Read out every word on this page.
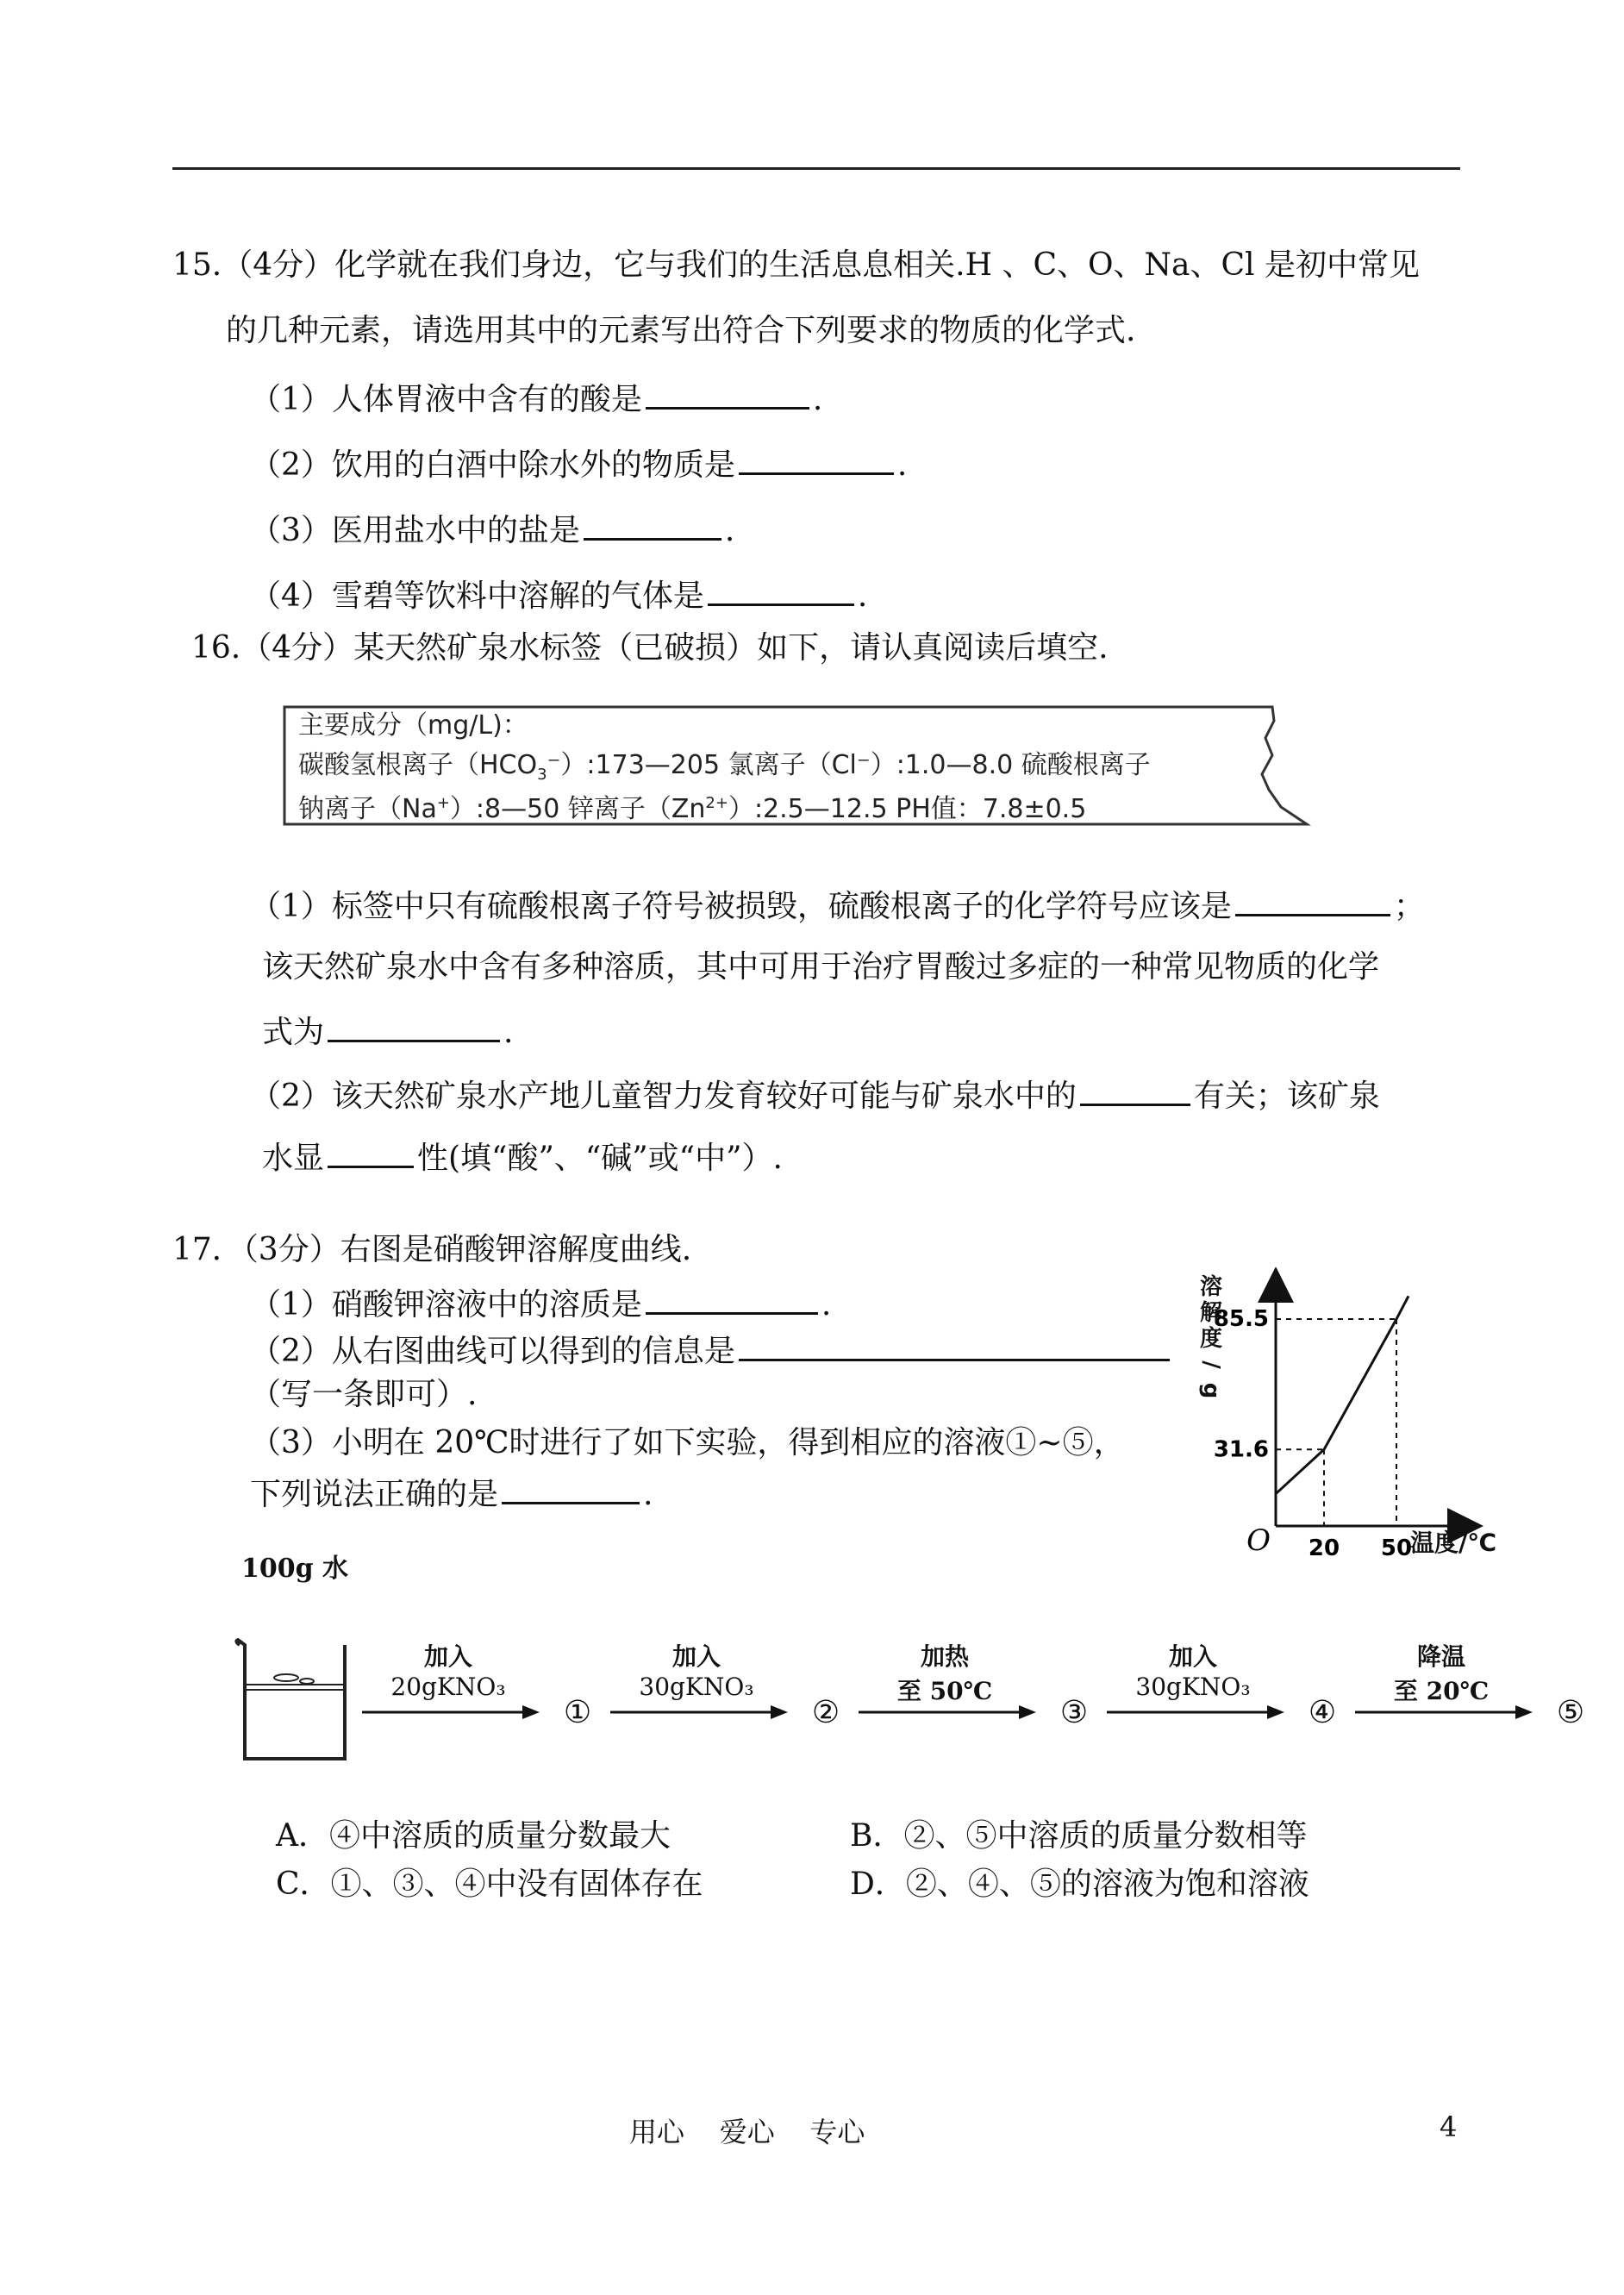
15.（4分）化学就在我们身边，它与我们的生活息息相关.H 、C、O、Na、Cl 是初中常见
的几种元素，请选用其中的元素写出符合下列要求的物质的化学式.
（1）人体胃液中含有的酸是	.
（2）饮用的白酒中除水外的物质是	.
（3）医用盐水中的盐是	.
（4）雪碧等饮料中溶解的气体是	.
16.（4分）某天然矿泉水标签（已破损）如下，请认真阅读后填空.
主要成分（mg/L)：
碳酸氢根离子$(HCO_3^-):173—205$ 氯离子（Cl⁻）:1.0—8.0 硫酸根离子
钠离子（Na+）:8—50 锌离子$(Zn^{2+}):2.5—12.5$ PH值：7.8±0.5
（1）标签中只有硫酸根离子符号被损毁，硫酸根离子的化学符号应该是	；
该天然矿泉水中含有多种溶质，其中可用于治疗胃酸过多症的一种常见物质的化学
式为	.
（2）该天然矿泉水产地儿童智力发育较好可能与矿泉水中的	有关；该矿泉
水显	性(填“酸”、“碱”或“中”）.
17．（3分）右图是硝酸钾溶解度曲线.
（1）硝酸钾溶液中的溶质是	.
（2）从右图曲线可以得到的信息是
（写一条即可）.
（3）小明在 20℃时进行了如下实验，得到相应的溶液①~⑤，
下列说法正确的是	.
31.6
20
85.5
50
O
溶
解
度
/
g
温度/℃
100g 水
加入
20gKNO₃
①
加入
30gKNO₃
②
加热
至 50℃
③
加入
30gKNO₃
④
降温
至 20℃
⑤
A．④中溶质的质量分数最大	B．②、⑤中溶质的质量分数相等
C．①、③、④中没有固体存在	D．②、④、⑤的溶液为饱和溶液
用心    爱心    专心	4
